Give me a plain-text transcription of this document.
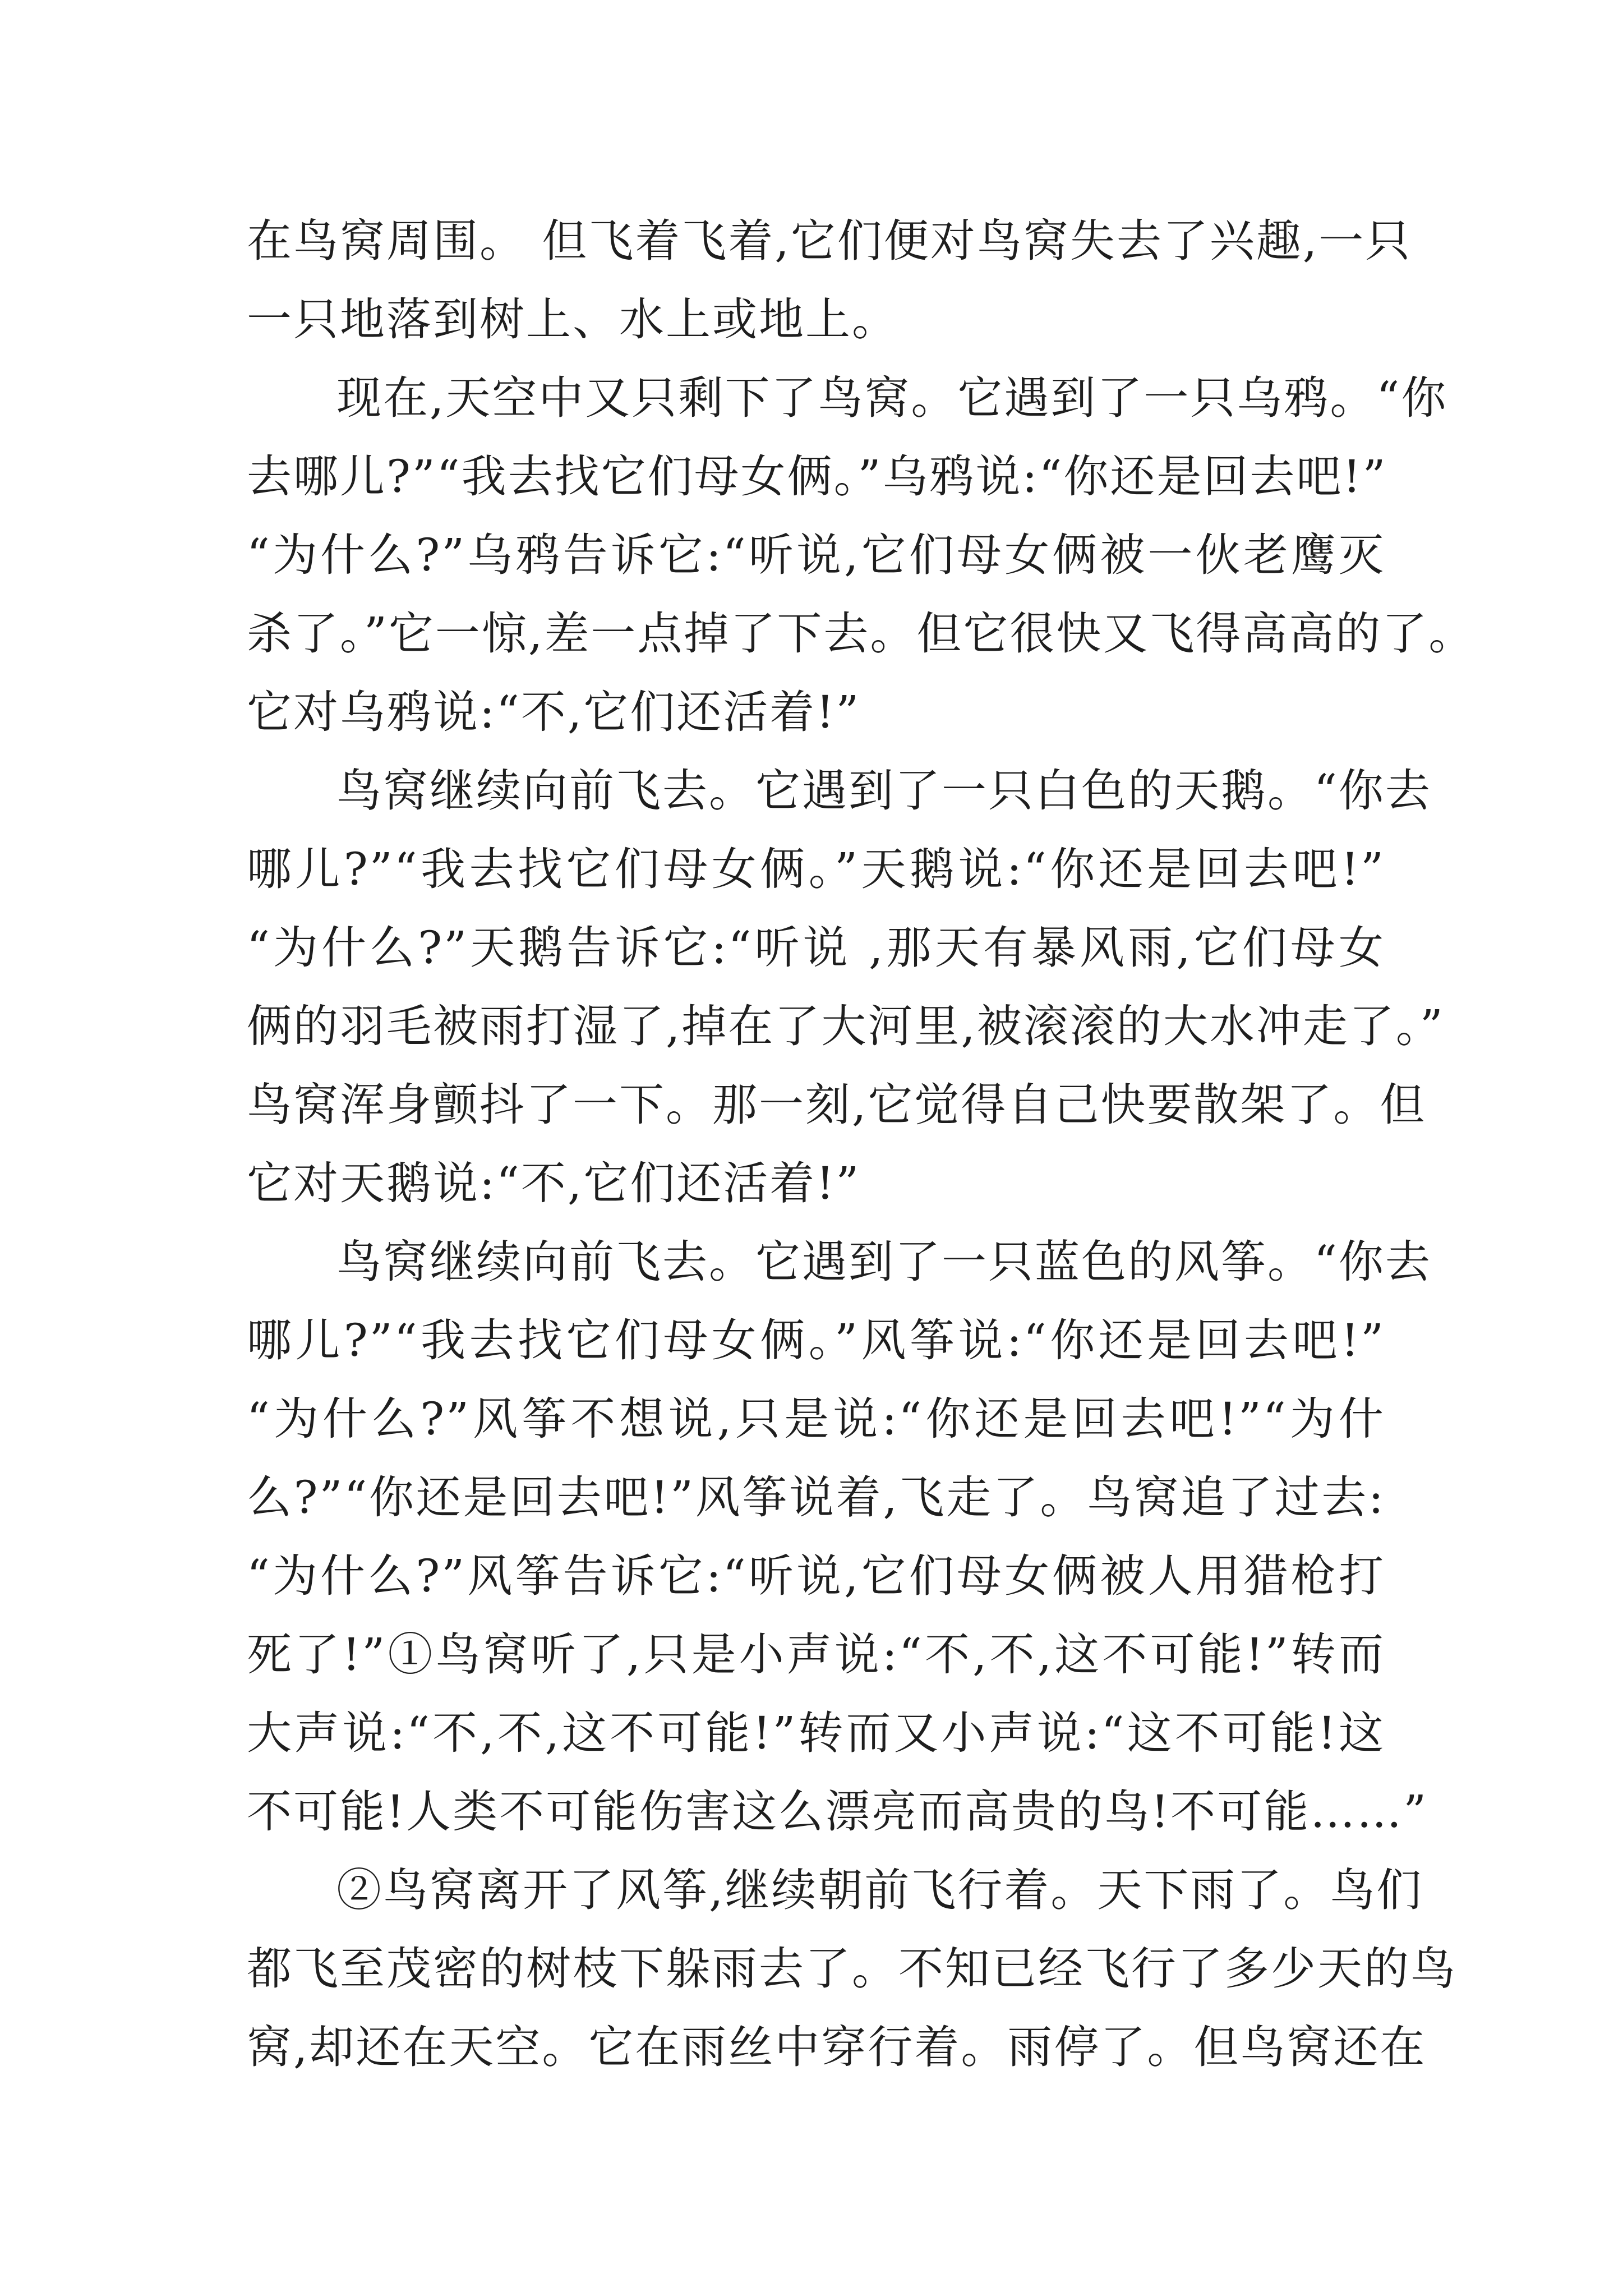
在鸟窝周围。 但飞着飞着,它们便对鸟窝失去了兴趣,一只
一只地落到树上、水上或地上。
现在,天空中又只剩下了鸟窝。它遇到了一只乌鸦。“你
去哪儿?”“我去找它们母女俩。”乌鸦说:“你还是回去吧!”
“为什么?”乌鸦告诉它:“听说,它们母女俩被一伙老鹰灭
杀了。”它一惊,差一点掉了下去。但它很快又飞得高高的了。
它对乌鸦说:“不,它们还活着!”
鸟窝继续向前飞去。它遇到了一只白色的天鹅。“你去
哪儿?”“我去找它们母女俩。”天鹅说:“你还是回去吧!”
“为什么?”天鹅告诉它:“听说 ,那天有暴风雨,它们母女
俩的羽毛被雨打湿了,掉在了大河里,被滚滚的大水冲走了。”
鸟窝浑身颤抖了一下。那一刻,它觉得自己快要散架了。但
它对天鹅说:“不,它们还活着!”
鸟窝继续向前飞去。它遇到了一只蓝色的风筝。“你去
哪儿?”“我去找它们母女俩。”风筝说:“你还是回去吧!”
“为什么?”风筝不想说,只是说:“你还是回去吧!”“为什
么?”“你还是回去吧!”风筝说着,飞走了。鸟窝追了过去:
“为什么?”风筝告诉它:“听说,它们母女俩被人用猎枪打
死了!”①鸟窝听了,只是小声说:“不,不,这不可能!”转而
大声说:“不,不,这不可能!”转而又小声说:“这不可能!这
不可能!人类不可能伤害这么漂亮而高贵的鸟!不可能……”
②鸟窝离开了风筝,继续朝前飞行着。天下雨了。鸟们
都飞至茂密的树枝下躲雨去了。不知已经飞行了多少天的鸟
窝,却还在天空。它在雨丝中穿行着。雨停了。但鸟窝还在
